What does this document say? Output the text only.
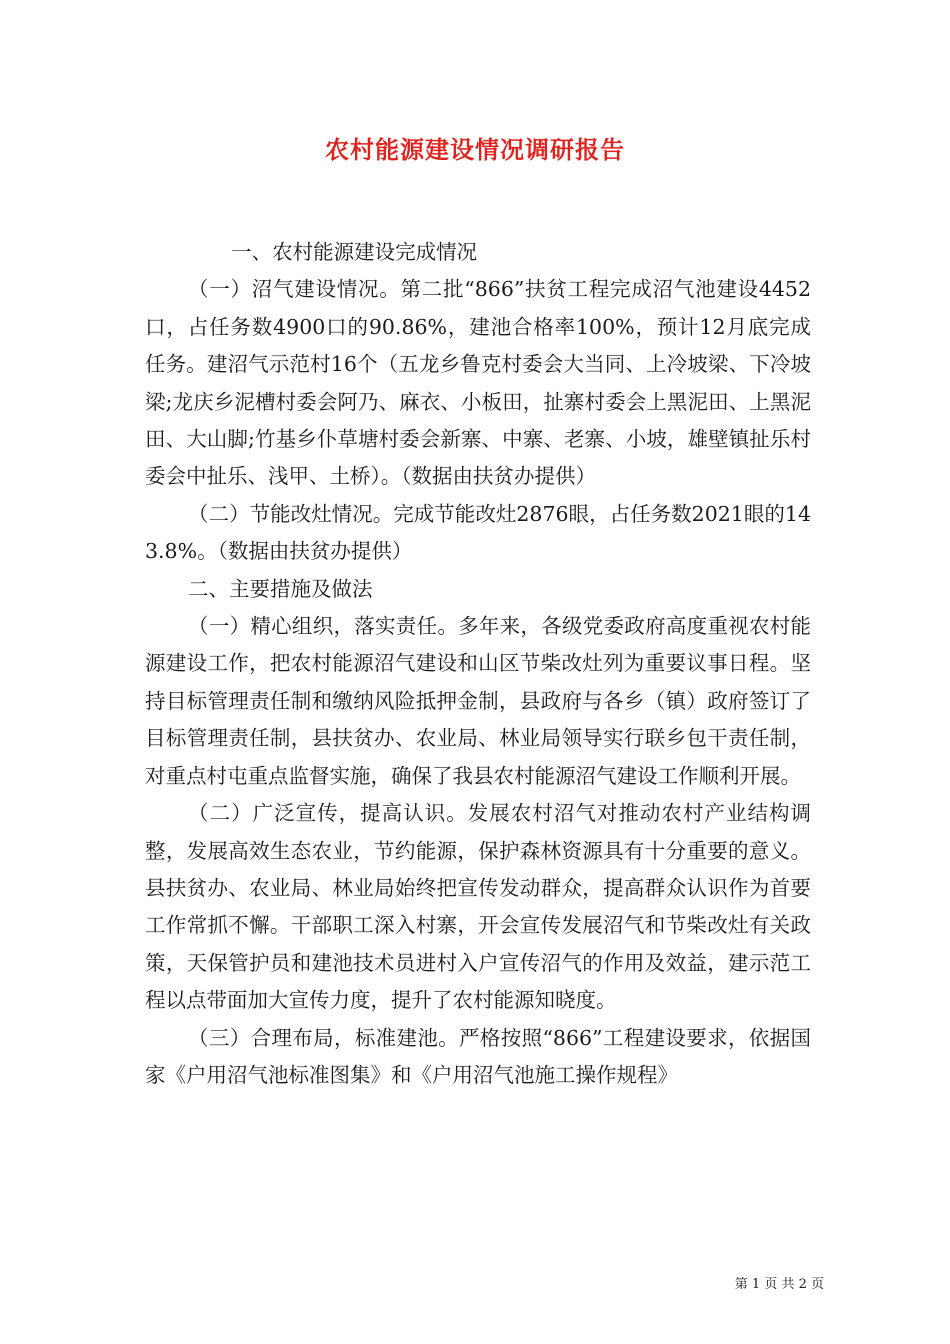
农村能源建设情况调研报告

一、农村能源建设完成情况

（一）沼气建设情况。第二批“866”扶贫工程完成沼气池建设4452口，占任务数4900口的90.86%，建池合格率100%，预计12月底完成任务。建沼气示范村16个（五龙乡鲁克村委会大当同、上冷坡梁、下冷坡梁;龙庆乡泥槽村委会阿乃、麻衣、小板田，扯寨村委会上黑泥田、上黑泥田、大山脚;竹基乡仆草塘村委会新寨、中寨、老寨、小坡，雄壁镇扯乐村委会中扯乐、浅甲、土桥）。（数据由扶贫办提供）

（二）节能改灶情况。完成节能改灶2876眼，占任务数2021眼的143.8%。（数据由扶贫办提供）

二、主要措施及做法

（一）精心组织，落实责任。多年来，各级党委政府高度重视农村能源建设工作，把农村能源沼气建设和山区节柴改灶列为重要议事日程。坚持目标管理责任制和缴纳风险抵押金制，县政府与各乡（镇）政府签订了目标管理责任制，县扶贫办、农业局、林业局领导实行联乡包干责任制，对重点村屯重点监督实施，确保了我县农村能源沼气建设工作顺利开展。

（二）广泛宣传，提高认识。发展农村沼气对推动农村产业结构调整，发展高效生态农业，节约能源，保护森林资源具有十分重要的意义。县扶贫办、农业局、林业局始终把宣传发动群众，提高群众认识作为首要工作常抓不懈。干部职工深入村寨，开会宣传发展沼气和节柴改灶有关政策，天保管护员和建池技术员进村入户宣传沼气的作用及效益，建示范工程以点带面加大宣传力度，提升了农村能源知晓度。

（三）合理布局，标准建池。严格按照“866”工程建设要求，依据国家《户用沼气池标准图集》和《户用沼气池施工操作规程》

第 1 页 共 2 页
